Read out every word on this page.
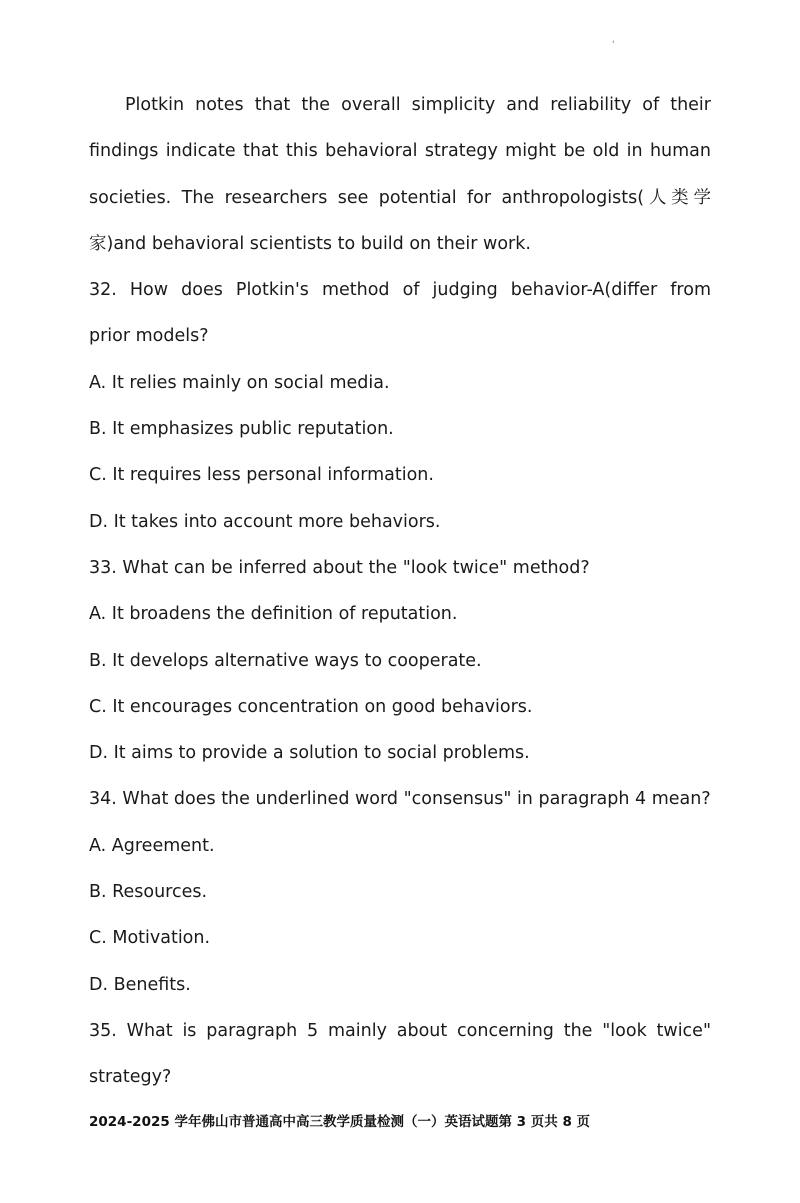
'
Plotkin notes that the overall simplicity and reliability of their
findings indicate that this behavioral strategy might be old in human
societies. The researchers see potential for anthropologists(人类学
家)and behavioral scientists to build on their work.
32. How does Plotkin's method of judging behavior-A(differ from
prior models?
A. It relies mainly on social media.
B. It emphasizes public reputation.
C. It requires less personal information.
D. It takes into account more behaviors.
33. What can be inferred about the "look twice" method?
A. It broadens the definition of reputation.
B. It develops alternative ways to cooperate.
C. It encourages concentration on good behaviors.
D. It aims to provide a solution to social problems.
34. What does the underlined word "consensus" in paragraph 4 mean?
A. Agreement.
B. Resources.
C. Motivation.
D. Benefits.
35. What is paragraph 5 mainly about concerning the "look twice"
strategy?
2024-2025 学年佛山市普通高中高三教学质量检测（一）英语试题第 3 页共 8 页
